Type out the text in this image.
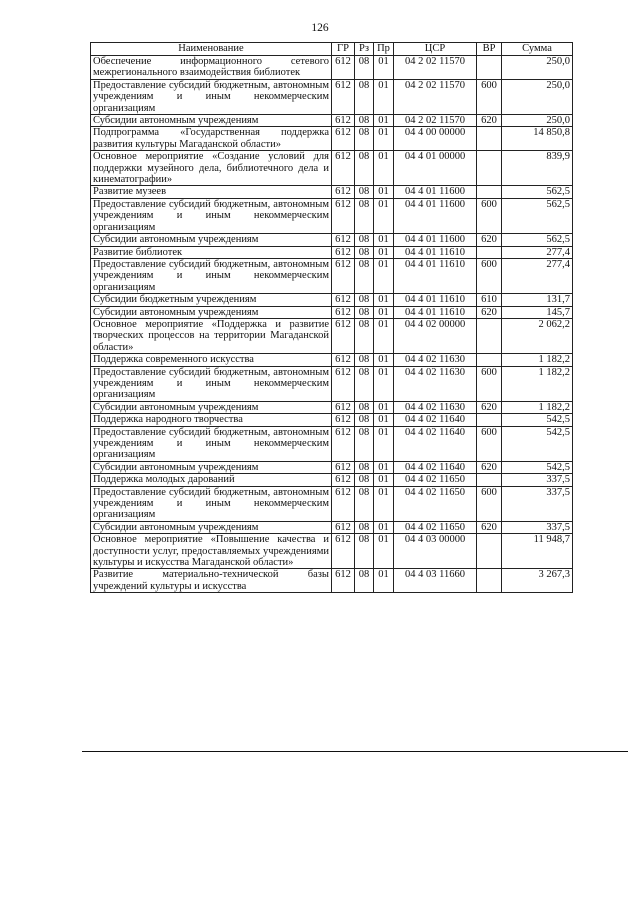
126
Наименование	ГР	Рз	Пр	ЦСР	ВР	Сумма
Обеспечение информационного сетевого межрегионального взаимодействия библиотек	612	08	01	04 2 02 11570		250,0
Предоставление субсидий бюджетным, автономным учреждениям и иным некоммерческим организациям	612	08	01	04 2 02 11570	600	250,0
Субсидии автономным учреждениям	612	08	01	04 2 02 11570	620	250,0
Подпрограмма «Государственная поддержка развития культуры Магаданской области»	612	08	01	04 4 00 00000		14 850,8
Основное мероприятие «Создание условий для поддержки музейного дела, библиотечного дела и кинематографии»	612	08	01	04 4 01 00000		839,9
Развитие музеев	612	08	01	04 4 01 11600		562,5
Предоставление субсидий бюджетным, автономным учреждениям и иным некоммерческим организациям	612	08	01	04 4 01 11600	600	562,5
Субсидии автономным учреждениям	612	08	01	04 4 01 11600	620	562,5
Развитие библиотек	612	08	01	04 4 01 11610		277,4
Предоставление субсидий бюджетным, автономным учреждениям и иным некоммерческим организациям	612	08	01	04 4 01 11610	600	277,4
Субсидии бюджетным учреждениям	612	08	01	04 4 01 11610	610	131,7
Субсидии автономным учреждениям	612	08	01	04 4 01 11610	620	145,7
Основное мероприятие «Поддержка и развитие творческих процессов на территории Магаданской области»	612	08	01	04 4 02 00000		2 062,2
Поддержка современного искусства	612	08	01	04 4 02 11630		1 182,2
Предоставление субсидий бюджетным, автономным учреждениям и иным некоммерческим организациям	612	08	01	04 4 02 11630	600	1 182,2
Субсидии автономным учреждениям	612	08	01	04 4 02 11630	620	1 182,2
Поддержка народного творчества	612	08	01	04 4 02 11640		542,5
Предоставление субсидий бюджетным, автономным учреждениям и иным некоммерческим организациям	612	08	01	04 4 02 11640	600	542,5
Субсидии автономным учреждениям	612	08	01	04 4 02 11640	620	542,5
Поддержка молодых дарований	612	08	01	04 4 02 11650		337,5
Предоставление субсидий бюджетным, автономным учреждениям и иным некоммерческим организациям	612	08	01	04 4 02 11650	600	337,5
Субсидии автономным учреждениям	612	08	01	04 4 02 11650	620	337,5
Основное мероприятие «Повышение качества и доступности услуг, предоставляемых учреждениями культуры и искусства Магаданской области»	612	08	01	04 4 03 00000		11 948,7
Развитие материально-технической базы учреждений культуры и искусства	612	08	01	04 4 03 11660		3 267,3
